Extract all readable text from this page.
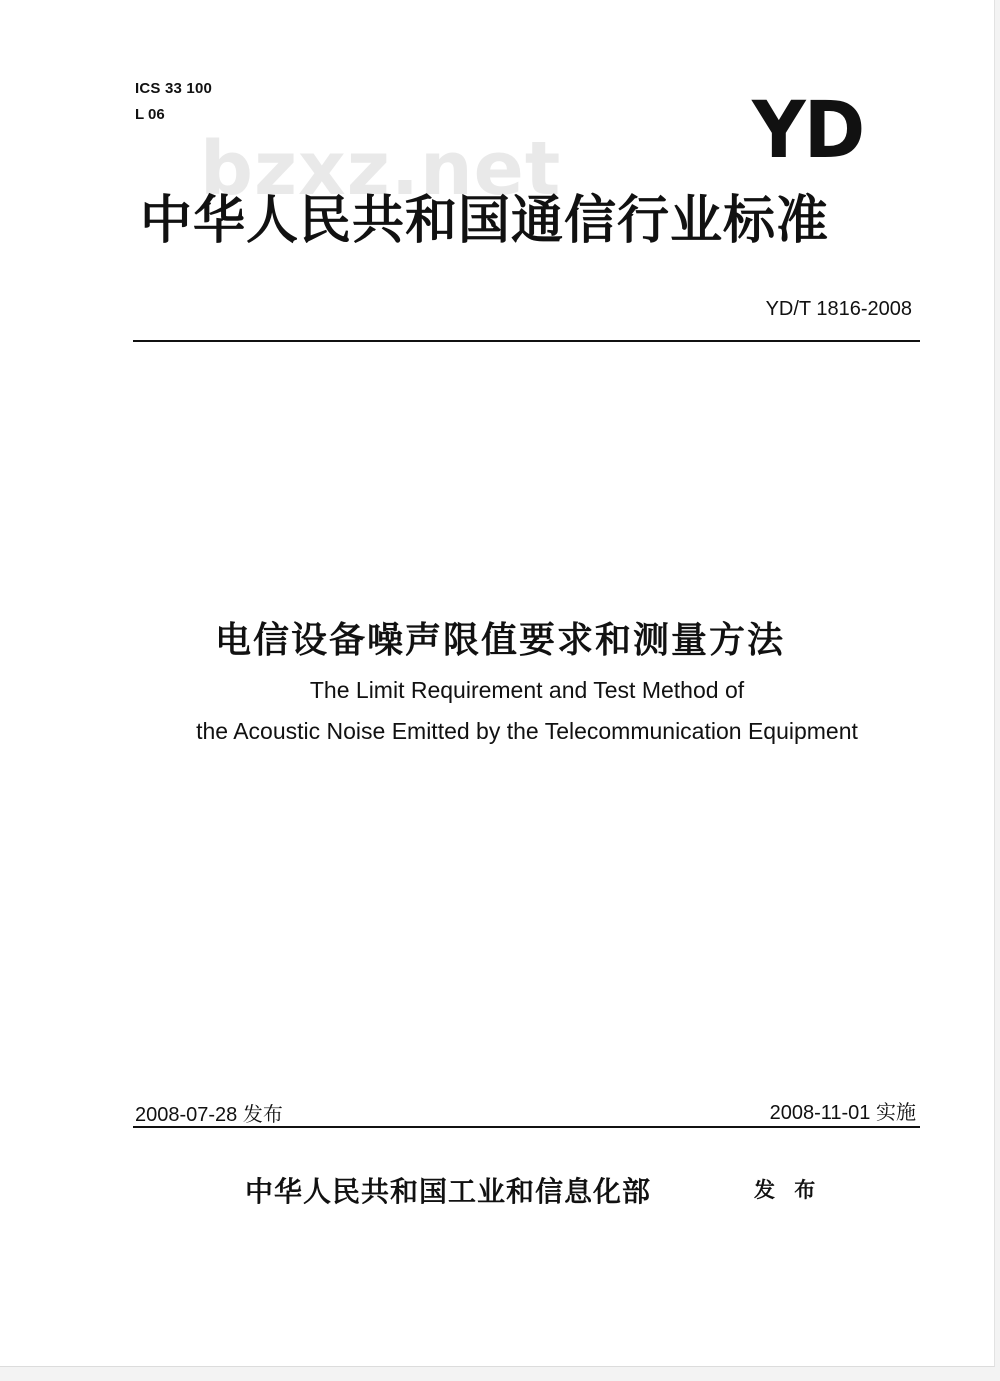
ICS 33 100
L 06
bzxz.net YD
中华人民共和国通信行业标准
YD/T 1816-2008
电信设备噪声限值要求和测量方法
The Limit Requirement and Test Method of
the Acoustic Noise Emitted by the Telecommunication Equipment
2008-07-28 发布	2008-11-01 实施
中华人民共和国工业和信息化部	发 布
